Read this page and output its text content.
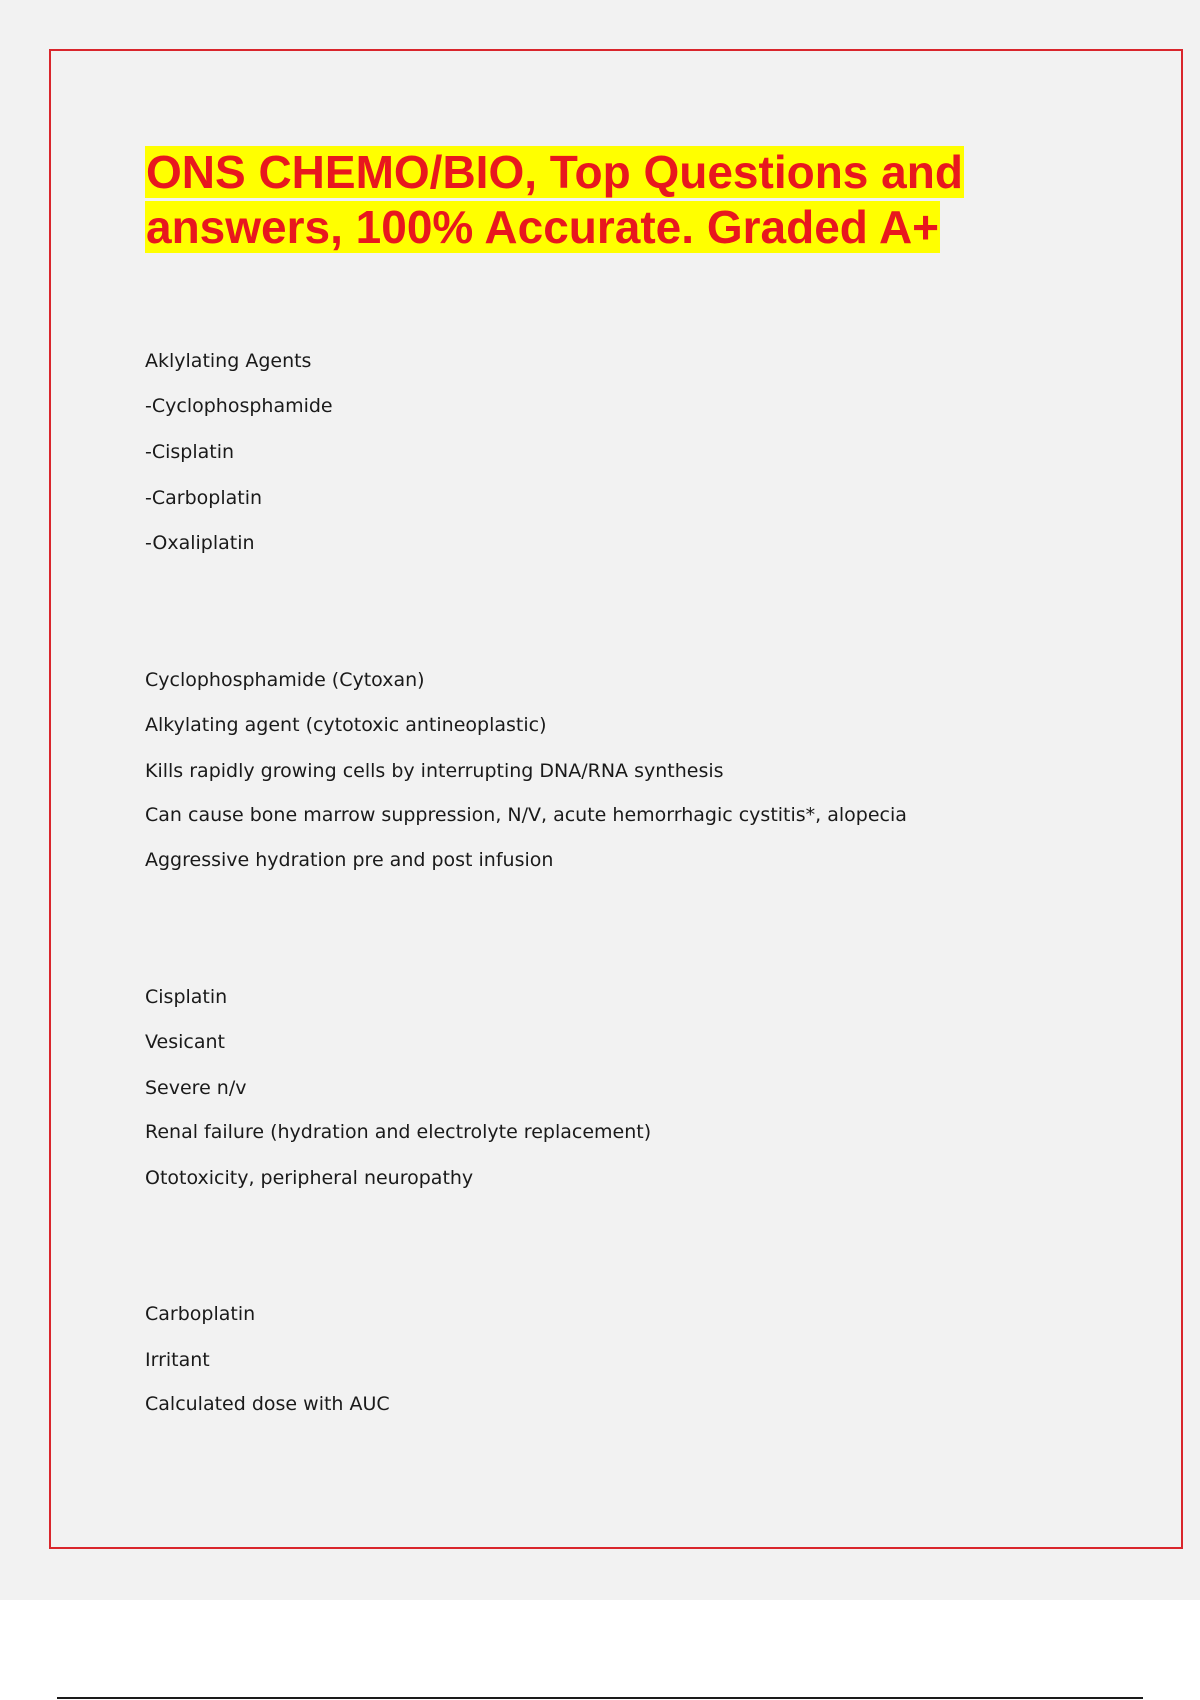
ONS CHEMO/BIO, Top Questions and
answers, 100% Accurate. Graded A+
Aklylating Agents
-Cyclophosphamide
-Cisplatin
-Carboplatin
-Oxaliplatin
Cyclophosphamide (Cytoxan)
Alkylating agent (cytotoxic antineoplastic)
Kills rapidly growing cells by interrupting DNA/RNA synthesis
Can cause bone marrow suppression, N/V, acute hemorrhagic cystitis*, alopecia
Aggressive hydration pre and post infusion
Cisplatin
Vesicant
Severe n/v
Renal failure (hydration and electrolyte replacement)
Ototoxicity, peripheral neuropathy
Carboplatin
Irritant
Calculated dose with AUC
